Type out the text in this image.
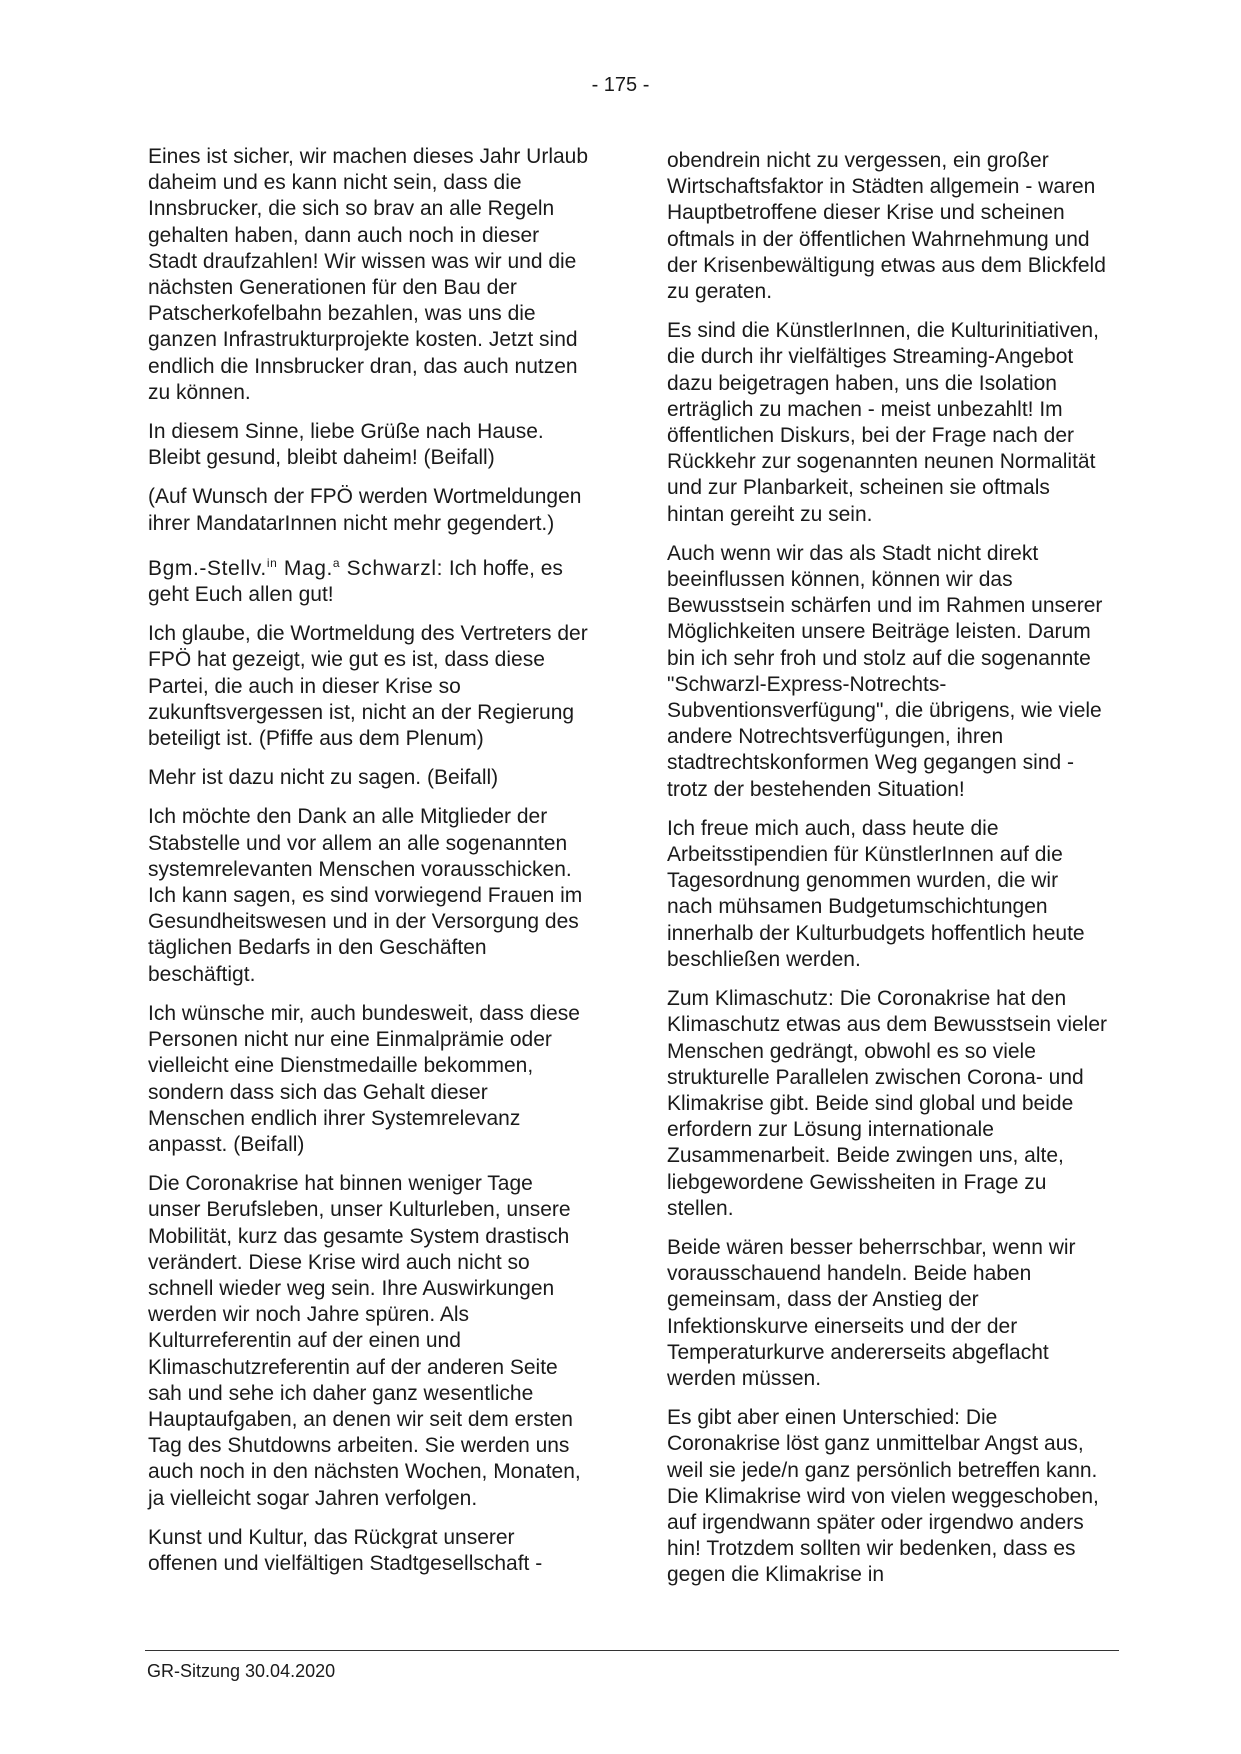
- 175 -

Eines ist sicher, wir machen dieses Jahr Urlaub daheim und es kann nicht sein, dass die Innsbrucker, die sich so brav an alle Regeln gehalten haben, dann auch noch in dieser Stadt draufzahlen! Wir wissen was wir und die nächsten Generationen für den Bau der Patscherkofelbahn bezahlen, was uns die ganzen Infrastrukturprojekte kosten. Jetzt sind endlich die Innsbrucker dran, das auch nutzen zu können.

In diesem Sinne, liebe Grüße nach Hause. Bleibt gesund, bleibt daheim! (Beifall)

(Auf Wunsch der FPÖ werden Wortmeldungen ihrer MandatarInnen nicht mehr gegendert.)

Bgm.-Stellv.$^{in}$ Mag.$^a$ Schwarzl: Ich hoffe, es geht Euch allen gut!

Ich glaube, die Wortmeldung des Vertreters der FPÖ hat gezeigt, wie gut es ist, dass diese Partei, die auch in dieser Krise so zukunftsvergessen ist, nicht an der Regierung beteiligt ist. (Pfiffe aus dem Plenum)

Mehr ist dazu nicht zu sagen. (Beifall)

Ich möchte den Dank an alle Mitglieder der Stabstelle und vor allem an alle sogenannten systemrelevanten Menschen vorausschicken. Ich kann sagen, es sind vorwiegend Frauen im Gesundheitswesen und in der Versorgung des täglichen Bedarfs in den Geschäften beschäftigt.

Ich wünsche mir, auch bundesweit, dass diese Personen nicht nur eine Einmalprämie oder vielleicht eine Dienstmedaille bekommen, sondern dass sich das Gehalt dieser Menschen endlich ihrer Systemrelevanz anpasst. (Beifall)

Die Coronakrise hat binnen weniger Tage unser Berufsleben, unser Kulturleben, unsere Mobilität, kurz das gesamte System drastisch verändert. Diese Krise wird auch nicht so schnell wieder weg sein. Ihre Auswirkungen werden wir noch Jahre spüren. Als Kulturreferentin auf der einen und Klimaschutzreferentin auf der anderen Seite sah und sehe ich daher ganz wesentliche Hauptaufgaben, an denen wir seit dem ersten Tag des Shutdowns arbeiten. Sie werden uns auch noch in den nächsten Wochen, Monaten, ja vielleicht sogar Jahren verfolgen.

Kunst und Kultur, das Rückgrat unserer offenen und vielfältigen Stadtgesellschaft -

obendrein nicht zu vergessen, ein großer Wirtschaftsfaktor in Städten allgemein - waren Hauptbetroffene dieser Krise und scheinen oftmals in der öffentlichen Wahrnehmung und der Krisenbewältigung etwas aus dem Blickfeld zu geraten.

Es sind die KünstlerInnen, die Kulturinitiativen, die durch ihr vielfältiges Streaming-Angebot dazu beigetragen haben, uns die Isolation erträglich zu machen - meist unbezahlt! Im öffentlichen Diskurs, bei der Frage nach der Rückkehr zur sogenannten neunen Normalität und zur Planbarkeit, scheinen sie oftmals hintan gereiht zu sein.

Auch wenn wir das als Stadt nicht direkt beeinflussen können, können wir das Bewusstsein schärfen und im Rahmen unserer Möglichkeiten unsere Beiträge leisten. Darum bin ich sehr froh und stolz auf die sogenannte "Schwarzl-Express-Notrechts-Subventionsverfügung", die übrigens, wie viele andere Notrechtsverfügungen, ihren stadtrechtskonformen Weg gegangen sind - trotz der bestehenden Situation!

Ich freue mich auch, dass heute die Arbeitsstipendien für KünstlerInnen auf die Tagesordnung genommen wurden, die wir nach mühsamen Budgetumschichtungen innerhalb der Kulturbudgets hoffentlich heute beschließen werden.

Zum Klimaschutz: Die Coronakrise hat den Klimaschutz etwas aus dem Bewusstsein vieler Menschen gedrängt, obwohl es so viele strukturelle Parallelen zwischen Corona- und Klimakrise gibt. Beide sind global und beide erfordern zur Lösung internationale Zusammenarbeit. Beide zwingen uns, alte, liebgewordene Gewissheiten in Frage zu stellen.

Beide wären besser beherrschbar, wenn wir vorausschauend handeln. Beide haben gemeinsam, dass der Anstieg der Infektionskurve einerseits und der der Temperaturkurve andererseits abgeflacht werden müssen.

Es gibt aber einen Unterschied: Die Coronakrise löst ganz unmittelbar Angst aus, weil sie jede/n ganz persönlich betreffen kann. Die Klimakrise wird von vielen weggeschoben, auf irgendwann später oder irgendwo anders hin! Trotzdem sollten wir bedenken, dass es gegen die Klimakrise in

GR-Sitzung 30.04.2020
